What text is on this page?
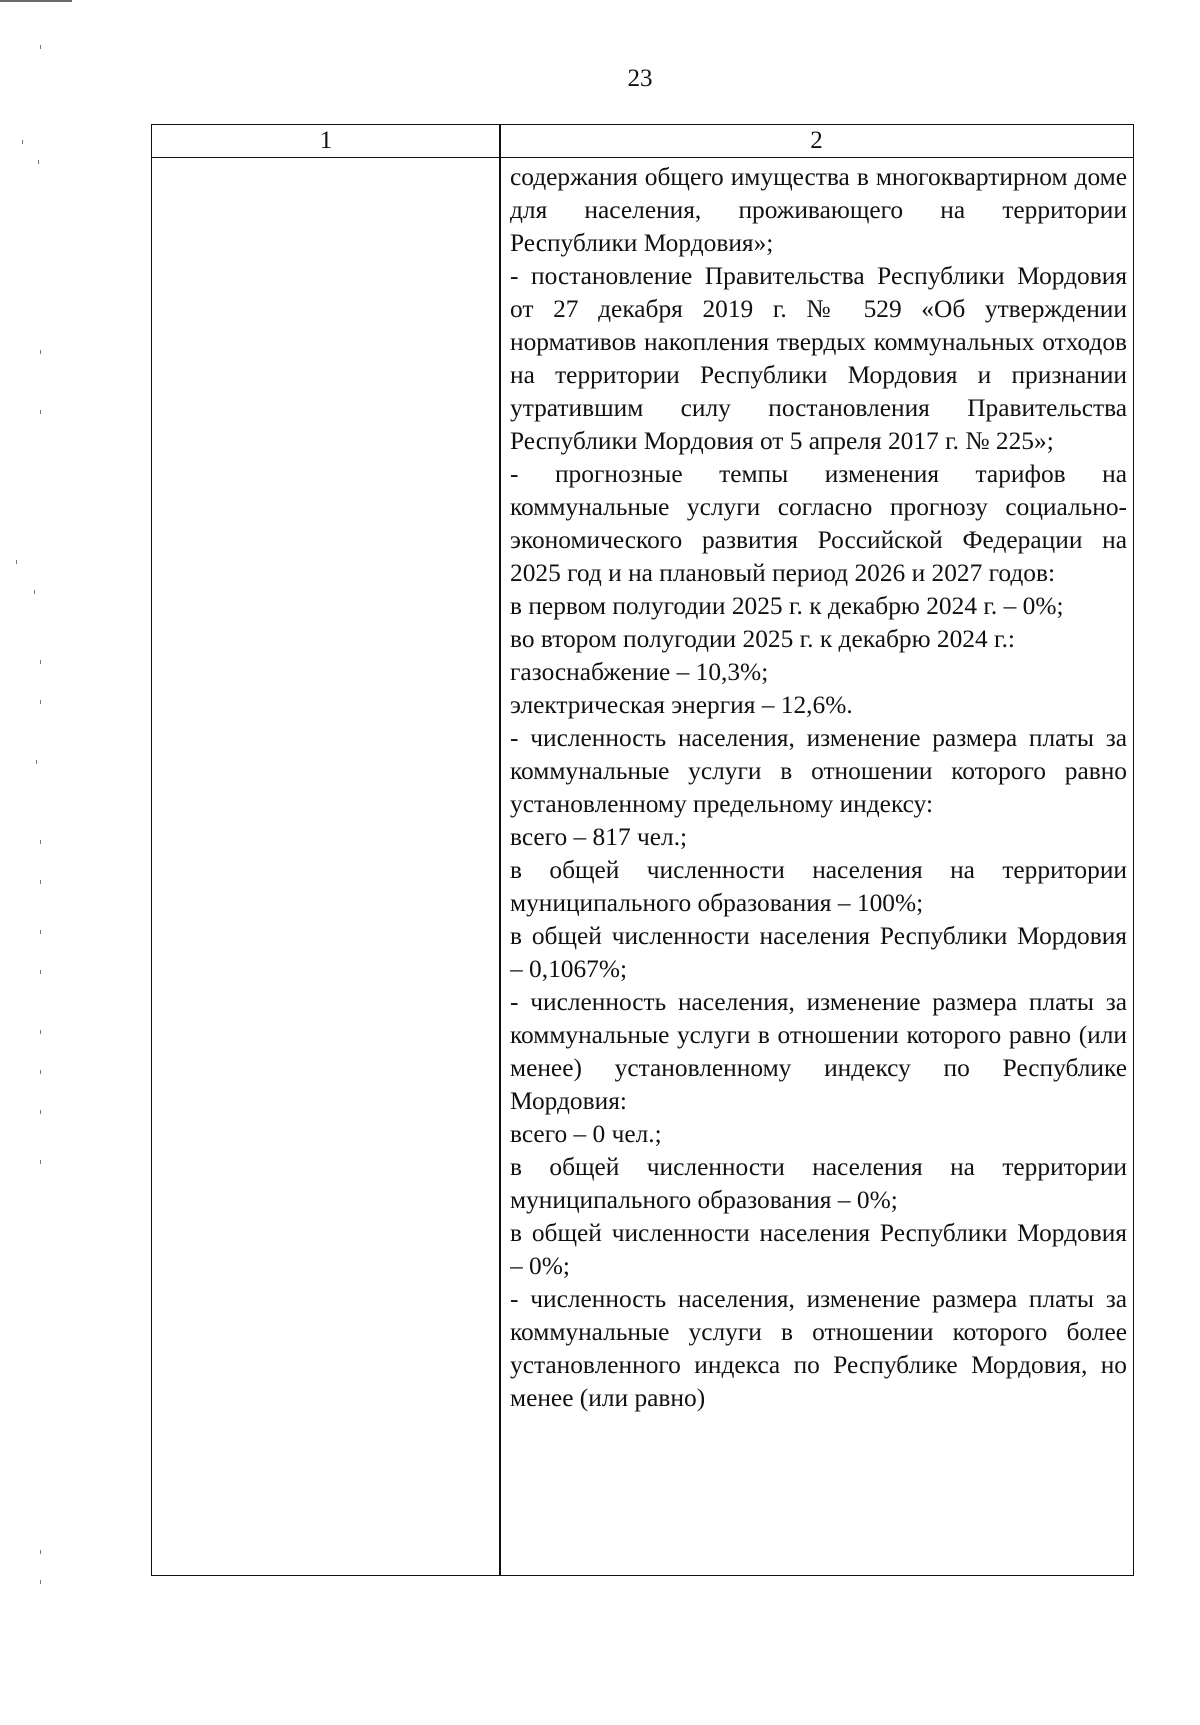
23
1	2

содержания общего имущества в многоквартирном доме для населения, проживающего на территории Республики Мордовия»;

- постановление Правительства Республики Мордовия от 27 декабря 2019 г. № 529 «Об утверждении нормативов накопления твердых коммунальных отходов на территории Республики Мордовия и признании утратившим силу постановления Правительства Республики Мордовия от 5 апреля 2017 г. № 225»;

- прогнозные темпы изменения тарифов на коммунальные услуги согласно прогнозу социально-экономического развития Российской Федерации на 2025 год и на плановый период 2026 и 2027 годов:

в первом полугодии 2025 г. к декабрю 2024 г. – 0%;

во втором полугодии 2025 г. к декабрю 2024 г.:

газоснабжение – 10,3%;

электрическая энергия – 12,6%.

- численность населения, изменение размера платы за коммунальные услуги в отношении которого равно установленному предельному индексу:

всего – 817 чел.;

в общей численности населения на территории муниципального образования – 100%;

в общей численности населения Республики Мордовия – 0,1067%;

- численность населения, изменение размера платы за коммунальные услуги в отношении которого равно (или менее) установленному индексу по Республике Мордовия:

всего – 0 чел.;

в общей численности населения на территории муниципального образования – 0%;

в общей численности населения Республики Мордовия – 0%;

- численность населения, изменение размера платы за коммунальные услуги в отношении которого более установленного индекса по Республике Мордовия, но менее (или равно)
